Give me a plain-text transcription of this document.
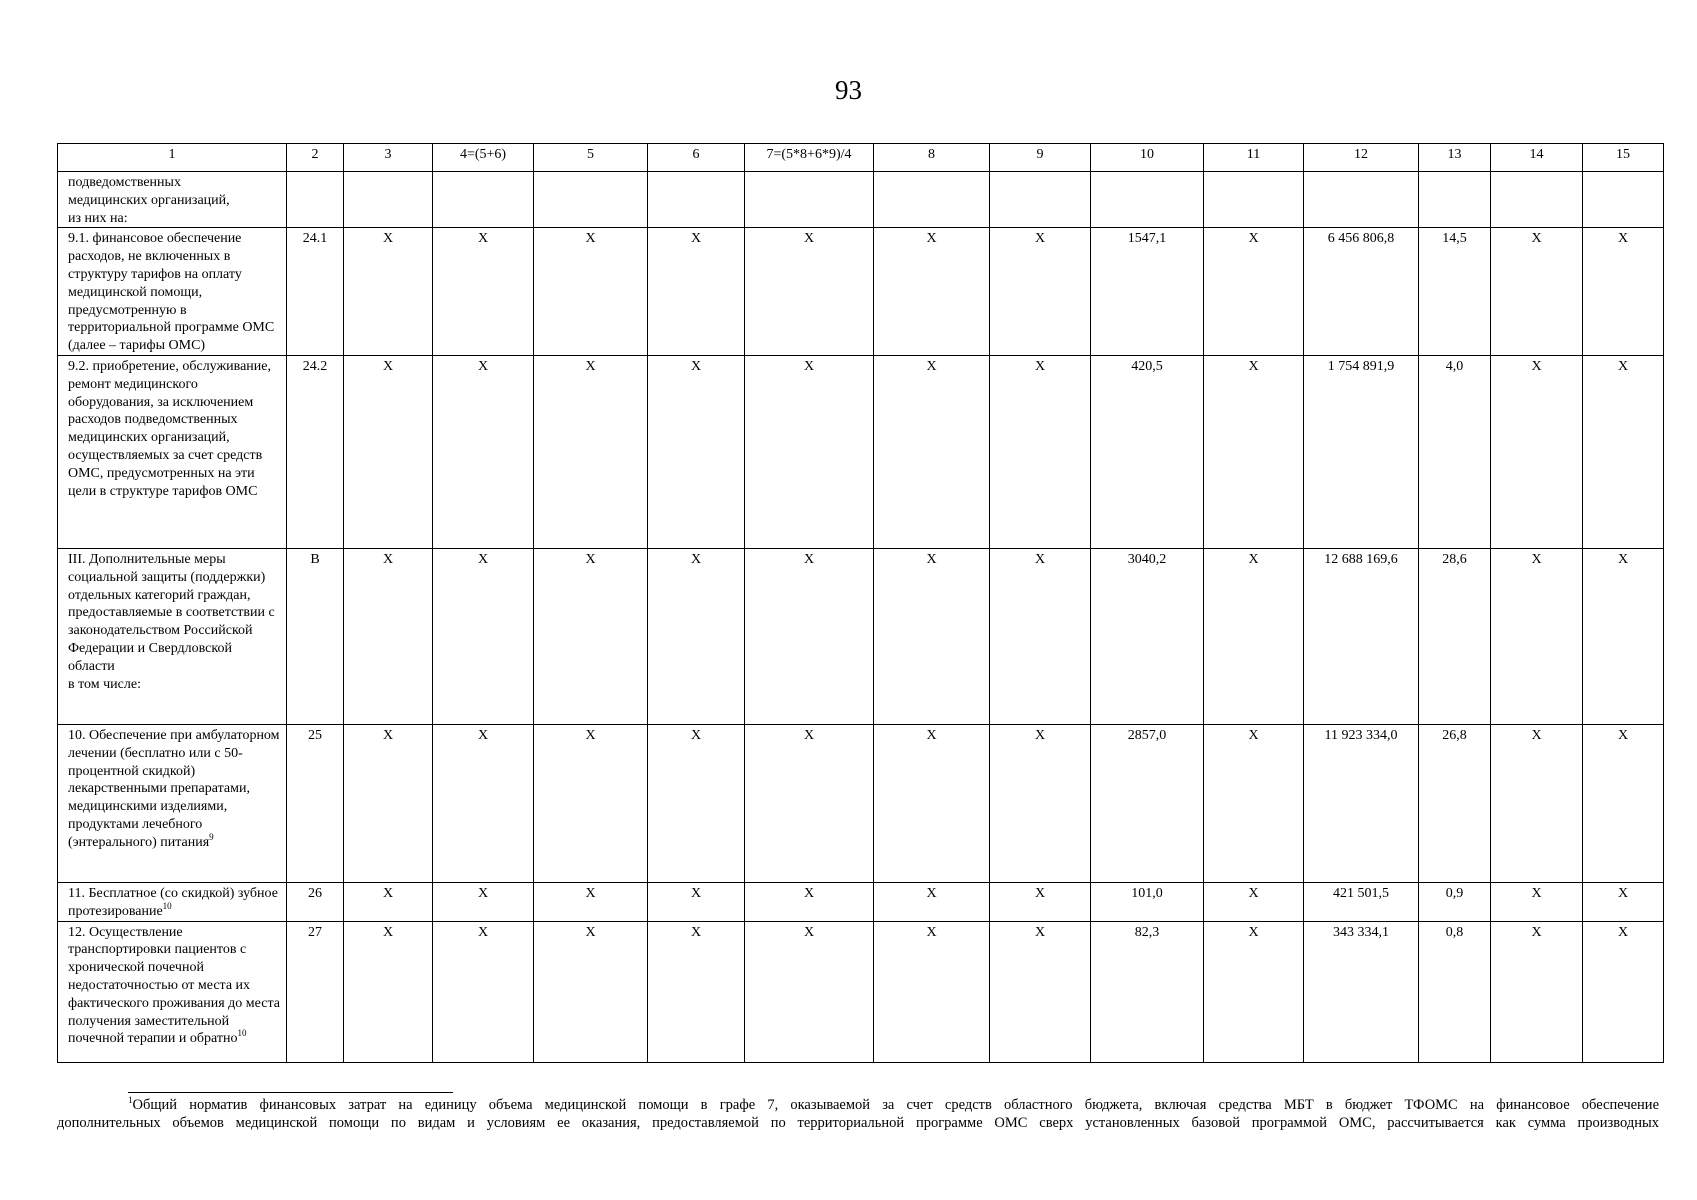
93
1	2	3	4=(5+6)	5	6	7=(5*8+6*9)/4	8	9	10	11	12	13	14	15
подведомственных
медицинских организаций,
из них на:														
9.1. финансовое обеспечение расходов, не включенных в структуру тарифов на оплату медицинской помощи, предусмотренную в территориальной программе ОМС (далее – тарифы ОМС)	24.1	X	X	X	X	X	X	X	1547,1	X	6 456 806,8	14,5	X	X
9.2. приобретение, обслуживание, ремонт медицинского оборудования, за исключением расходов подведомственных медицинских организаций, осуществляемых за счет средств ОМС, предусмотренных на эти цели в структуре тарифов ОМС	24.2	X	X	X	X	X	X	X	420,5	X	1 754 891,9	4,0	X	X
III. Дополнительные меры социальной защиты (поддержки) отдельных категорий граждан, предоставляемые в соответствии с законодательством Российской Федерации и Свердловской области
в том числе:	B	X	X	X	X	X	X	X	3040,2	X	12 688 169,6	28,6	X	X
10. Обеспечение при амбулаторном лечении (бесплатно или с 50-процентной скидкой) лекарственными препаратами, медицинскими изделиями, продуктами лечебного (энтерального) питания$^9$	25	X	X	X	X	X	X	X	2857,0	X	11 923 334,0	26,8	X	X
11. Бесплатное (со скидкой) зубное протезирование$^{10}$	26	X	X	X	X	X	X	X	101,0	X	421 501,5	0,9	X	X
12. Осуществление транспортировки пациентов с хронической почечной недостаточностью от места их фактического проживания до места получения заместительной почечной терапии и обратно$^{10}$	27	X	X	X	X	X	X	X	82,3	X	343 334,1	0,8	X	X
$^1$Общий норматив финансовых затрат на единицу объема медицинской помощи в графе 7, оказываемой за счет средств областного бюджета, включая средства МБТ в бюджет ТФОМС на финансовое обеспечение
дополнительных объемов медицинской помощи по видам и условиям ее оказания, предоставляемой по территориальной программе ОМС сверх установленных базовой программой ОМС, рассчитывается как сумма производных
